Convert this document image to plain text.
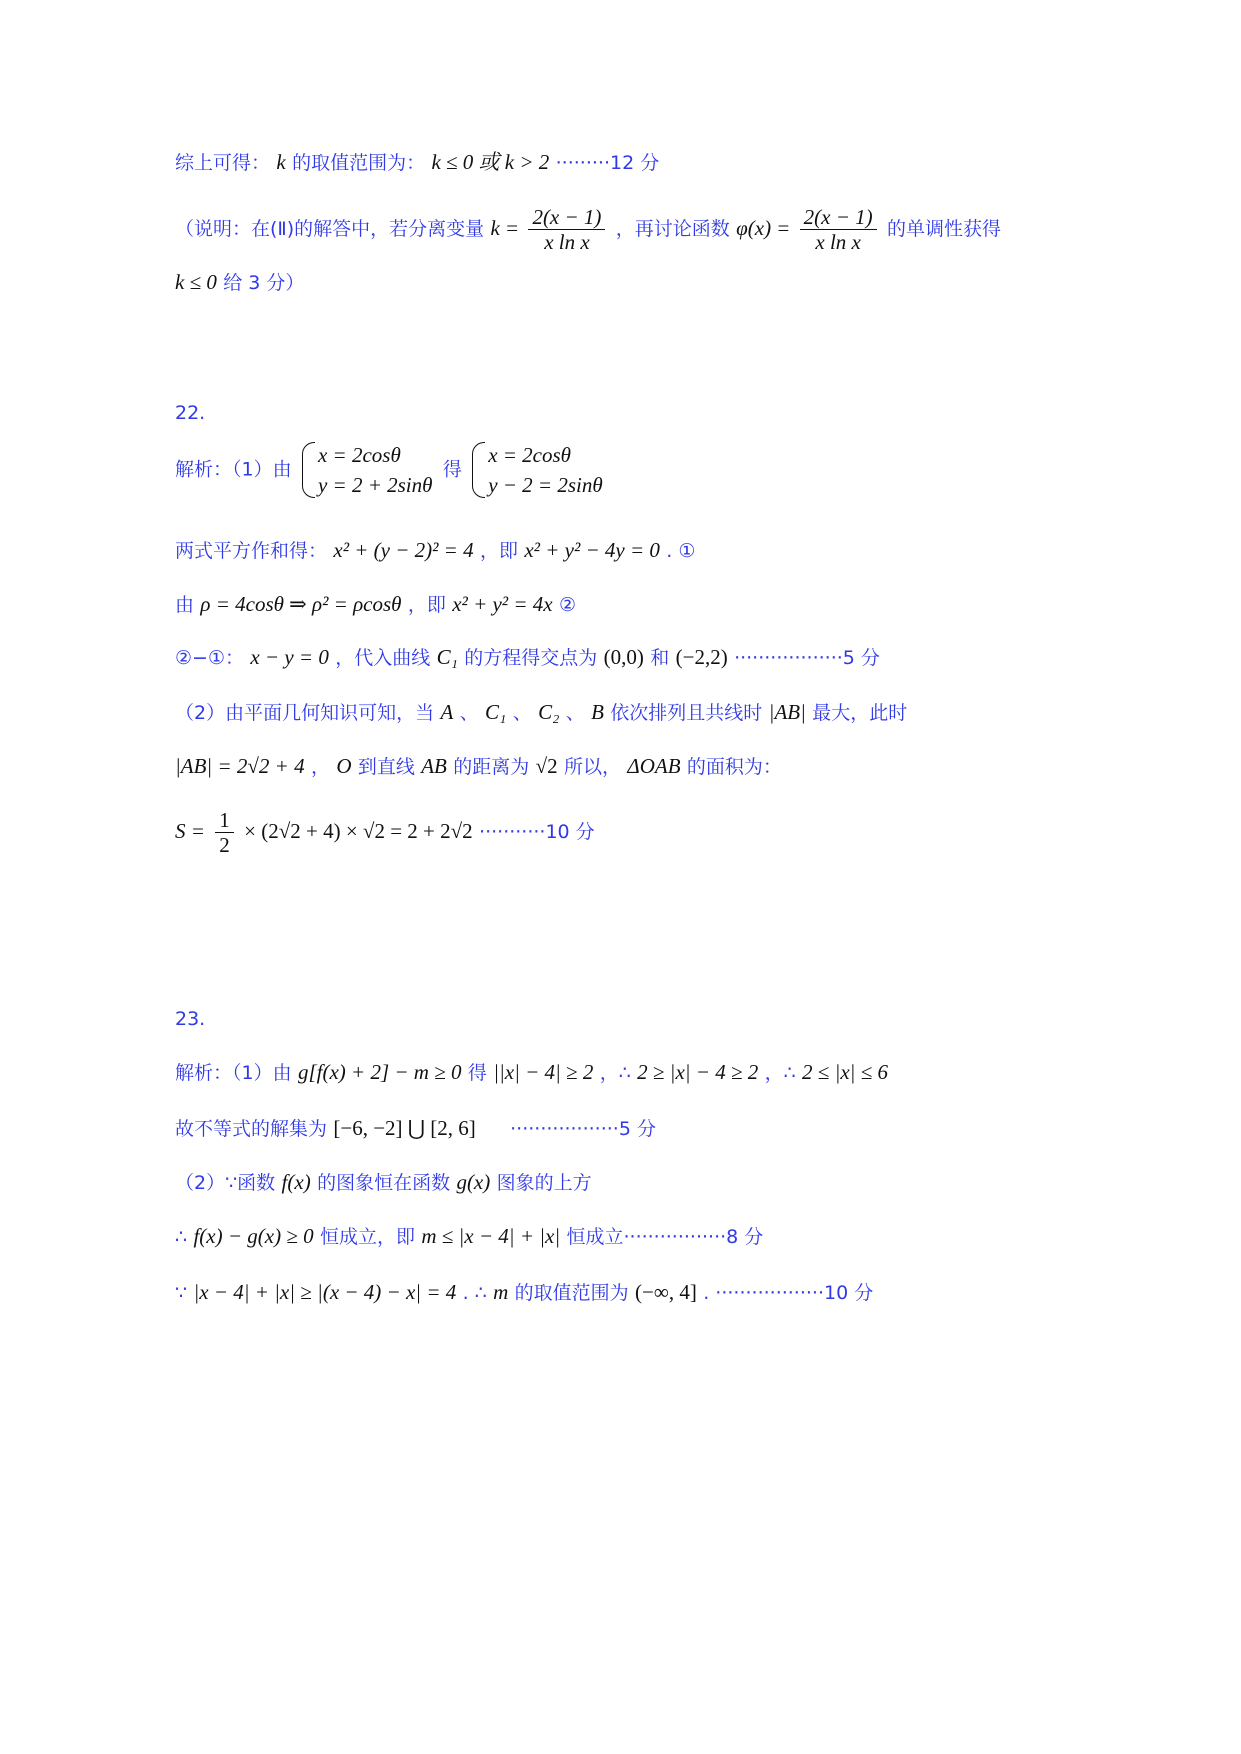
综上可得： k 的取值范围为： k ≤ 0 或 k > 2 ·········12 分
（说明：在(Ⅱ)的解答中，若分离变量 $k = \frac{2(x - 1)}{\text{x ln x}}$ ，再讨论函数 $\varphi(x) = \frac{2(x - 1)}{\text{x ln x}}$ 的单调性获得
k ≤ 0 给 3 分）
22.
解析：（1）由
x = 2cosθ
y = 2 + 2sinθ
得
x = 2cosθ
y − 2 = 2sinθ
两式平方作和得： x² + (y − 2)² = 4 ，即 x² + y² − 4y = 0 . ①
由 ρ = 4cosθ ⇒ ρ² = ρcosθ ，即 x² + y² = 4x ②
②−①： x − y = 0 ，代入曲线 C₁ 的方程得交点为 (0,0) 和 (−2,2) ··················5 分
（2）由平面几何知识可知，当 A 、 C₁ 、 C₂ 、 B 依次排列且共线时 |AB| 最大，此时
|AB| = 2√2 + 4 ， O 到直线 AB 的距离为 √2 所以， ΔOAB 的面积为：
$S = \frac{1}{2} \times (2√2 + 4) \times √2 = 2 + 2√2 \cdot\cdot\cdot\cdot\cdot\cdot\cdot\cdot\cdot\cdot\cdot 10$ 分
23.
解析：（1）由 g[f(x) + 2] − m ≥ 0 得 ||x| − 4| ≥ 2 ，∴ 2 ≥ |x| − 4 ≥ 2 ，∴ 2 ≤ |x| ≤ 6
故不等式的解集为 [−6, −2] ⋃ [2, 6] ··················5 分
（2）∵函数 f(x) 的图象恒在函数 g(x) 图象的上方
∴ f(x) − g(x) ≥ 0 恒成立，即 m ≤ |x − 4| + |x| 恒成立·················8 分
∵ |x − 4| + |x| ≥ |(x − 4) − x| = 4 . ∴ m 的取值范围为 (−∞, 4] . ··················10 分
